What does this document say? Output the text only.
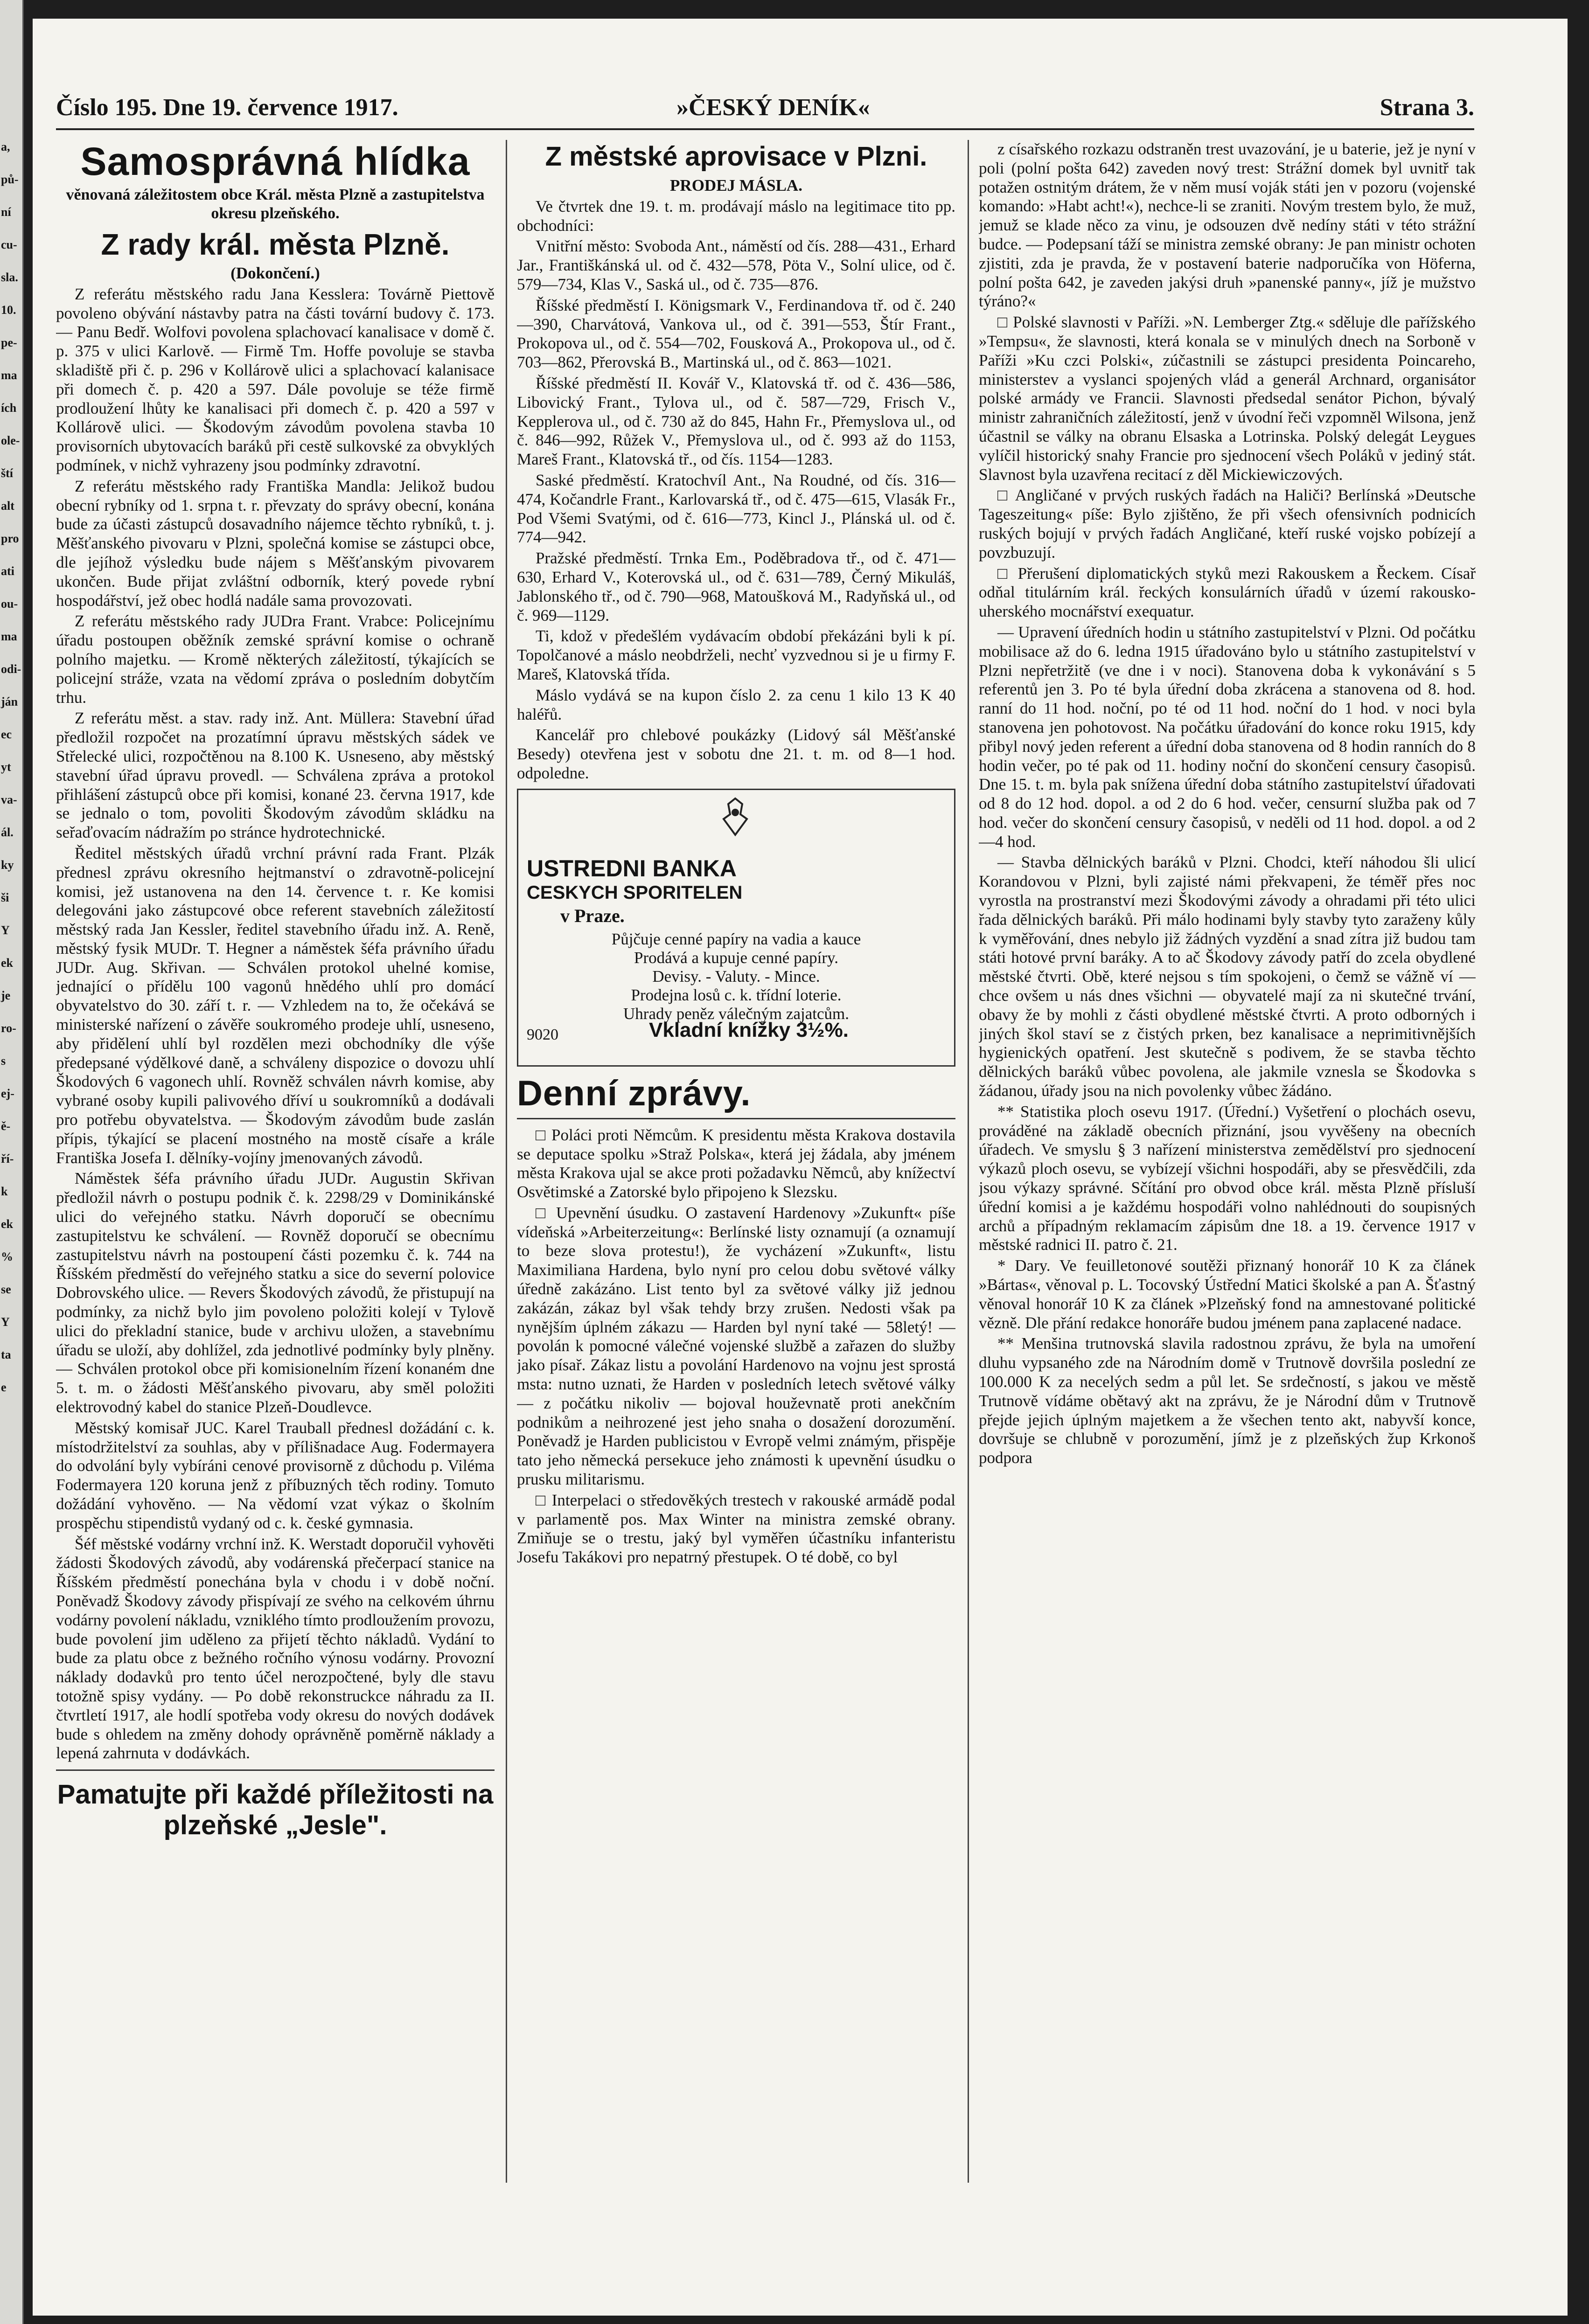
a,

pů-

ní

cu-

sla.

10.

pe-

ma

ích

ole-

ští

alt

pro

ati

ou-

ma

odi-

ján

ec

yt

va-

ál.

ky

ši

Y

ek

je

ro-

s

ej-

ě-

ří-

k

ek

%

se

Y

ta

e

Číslo 195. Dne 19. července 1917.	»ČESKÝ DENÍK«	Strana 3.
Samosprávná hlídka
věnovaná záležitostem obce Král. města Plzně a zastupitelstva okresu plzeňského.
Z rady král. města Plzně.

(Dokončení.)

Z referátu městského radu Jana Kesslera: Továrně Piettově povoleno obývání nástavby patra na části tovární budovy č. 173. — Panu Bedř. Wolfovi povolena splachovací kanalisace v domě č. p. 375 v ulici Karlově. — Firmě Tm. Hoffe povoluje se stavba skladiště při č. p. 296 v Kollárově ulici a splachovací kalanisace při domech č. p. 420 a 597. Dále povoluje se téže firmě prodloužení lhůty ke kanalisaci při domech č. p. 420 a 597 v Kollárově ulici. — Škodovým závodům povolena stavba 10 provisorních ubytovacích baráků při cestě sulkovské za obvyklých podmínek, v nichž vyhrazeny jsou podmínky zdravotní.

Z referátu městského rady Františka Mandla: Jelikož budou obecní rybníky od 1. srpna t. r. převzaty do správy obecní, konána bude za účasti zástupců dosavadního nájemce těchto rybníků, t. j. Měšťanského pivovaru v Plzni, společná komise se zástupci obce, dle jejíhož výsledku bude nájem s Měšťanským pivovarem ukončen. Bude přijat zvláštní odborník, který povede rybní hospodářství, jež obec hodlá nadále sama provozovati.

Z referátu městského rady JUDra Frant. Vrabce: Policejnímu úřadu postoupen oběžník zemské správní komise o ochraně polního majetku. — Kromě některých záležitostí, týkajících se policejní stráže, vzata na vědomí zpráva o posledním dobytčím trhu.

Z referátu měst. a stav. rady inž. Ant. Müllera: Stavební úřad předložil rozpočet na prozatímní úpravu městských sádek ve Střelecké ulici, rozpočtěnou na 8.100 K. Usneseno, aby městský stavební úřad úpravu provedl. — Schválena zpráva a protokol přihlášení zástupců obce při komisi, konané 23. června 1917, kde se jednalo o tom, povoliti Škodovým závodům skládku na seřaďovacím nádražím po stránce hydrotechnické.

Ředitel městských úřadů vrchní právní rada Frant. Plzák přednesl zprávu okresního hejtmanství o zdravotně-policejní komisi, jež ustanovena na den 14. července t. r. Ke komisi delegováni jako zástupcové obce referent stavebních záležitostí městský rada Jan Kessler, ředitel stavebního úřadu inž. A. Reně, městský fysik MUDr. T. Hegner a náměstek šéfa právního úřadu JUDr. Aug. Skřivan. — Schválen protokol uhelné komise, jednající o přídělu 100 vagonů hnědého uhlí pro domácí obyvatelstvo do 30. září t. r. — Vzhledem na to, že očekává se ministerské nařízení o závěře soukromého prodeje uhlí, usneseno, aby přidělení uhlí byl rozdělen mezi obchodníky dle výše předepsané výdělkové daně, a schváleny dispozice o dovozu uhlí Škodových 6 vagonech uhlí. Rovněž schválen návrh komise, aby vybrané osoby kupili palivového dříví u soukromníků a dodávali pro potřebu obyvatelstva. — Škodovým závodům bude zaslán přípis, týkající se placení mostného na mostě císaře a krále Františka Josefa I. dělníky-vojíny jmenovaných závodů.

Náměstek šéfa právního úřadu JUDr. Augustin Skřivan předložil návrh o postupu podnik č. k. 2298/29 v Dominikánské ulici do veřejného statku. Návrh doporučí se obecnímu zastupitelstvu ke schválení. — Rovněž doporučí se obecnímu zastupitelstvu návrh na postoupení části pozemku č. k. 744 na Říšském předměstí do veřejného statku a sice do severní polovice Dobrovského ulice. — Revers Škodových závodů, že přistupují na podmínky, za nichž bylo jim povoleno položiti kolejí v Tylově ulici do překladní stanice, bude v archivu uložen, a stavebnímu úřadu se uloží, aby dohlížel, zda jednotlivé podmínky byly plněny. — Schválen protokol obce při komisionelním řízení konaném dne 5. t. m. o žádosti Měšťanského pivovaru, aby směl položiti elektrovodný kabel do stanice Plzeň-Doudlevce.

Městský komisař JUC. Karel Trauball přednesl dožádání c. k. místodržitelství za souhlas, aby v přílišnadace Aug. Fodermayera do odvolání byly vybíráni cenové provisorně z důchodu p. Viléma Fodermayera 120 koruna jenž z příbuzných těch rodiny. Tomuto dožádání vyhověno. — Na vědomí vzat výkaz o školním prospěchu stipendistů vydaný od c. k. české gymnasia.

Šéf městské vodárny vrchní inž. K. Werstadt doporučil vyhověti žádosti Škodových závodů, aby vodárenská přečerpací stanice na Říšském předměstí ponechána byla v chodu i v době noční. Poněvadž Škodovy závody přispívají ze svého na celkovém úhrnu vodárny povolení nákladu, vzniklého tímto prodloužením provozu, bude povolení jim uděleno za přijetí těchto nákladů. Vydání to bude za platu obce z bežného ročního výnosu vodárny. Provozní náklady dodavků pro tento účel nerozpočtené, byly dle stavu totožně spisy vydány. — Po době rekonstruckce náhradu za II. čtvrtletí 1917, ale hodlí spotřeba vody okresu do nových dodávek bude s ohledem na změny dohody oprávněně poměrně náklady a lepená zahrnuta v dodávkách.

Pamatujte při každé příležitosti na plzeňské „Jesle".
Z městské aprovisace v Plzni.

PRODEJ MÁSLA.

Ve čtvrtek dne 19. t. m. prodávají máslo na legitimace tito pp. obchodníci:

Vnitřní město: Svoboda Ant., náměstí od čís. 288—431., Erhard Jar., Františkánská ul. od č. 432—578, Pöta V., Solní ulice, od č. 579—734, Klas V., Saská ul., od č. 735—876.

Říšské předměstí I. Königsmark V., Ferdinandova tř. od č. 240—390, Charvátová, Vankova ul., od č. 391—553, Štír Frant., Prokopova ul., od č. 554—702, Fousková A., Prokopova ul., od č. 703—862, Přerovská B., Martinská ul., od č. 863—1021.

Říšské předměstí II. Kovář V., Klatovská tř. od č. 436—586, Libovický Frant., Tylova ul., od č. 587—729, Frisch V., Kepplerova ul., od č. 730 až do 845, Hahn Fr., Přemyslova ul., od č. 846—992, Růžek V., Přemyslova ul., od č. 993 až do 1153, Mareš Frant., Klatovská tř., od čís. 1154—1283.

Saské předměstí. Kratochvíl Ant., Na Roudné, od čís. 316—474, Kočandrle Frant., Karlovarská tř., od č. 475—615, Vlasák Fr., Pod Všemi Svatými, od č. 616—773, Kincl J., Plánská ul. od č. 774—942.

Pražské předměstí. Trnka Em., Poděbradova tř., od č. 471—630, Erhard V., Koterovská ul., od č. 631—789, Černý Mikuláš, Jablonského tř., od č. 790—968, Matoušková M., Radyňská ul., od č. 969—1129.

Ti, kdož v předešlém vydávacím období překázáni byli k pí. Topolčanové a máslo neobdrželi, nechť vyzvednou si je u firmy F. Mareš, Klatovská třída.

Máslo vydává se na kupon číslo 2. za cenu 1 kilo 13 K 40 haléřů.

Kancelář pro chlebové poukázky (Lidový sál Měšťanské Besedy) otevřena jest v sobotu dne 21. t. m. od 8—1 hod. odpoledne.

USTREDNI BANKA
CESKYCH SPORITELEN
v Praze.
Půjčuje cenné papíry na vadia a kauce
Prodává a kupuje cenné papíry.
Devisy. - Valuty. - Mince.
Prodejna losů c. k. třídní loterie.
Uhrady peněz válečným zajatcům.
9020	Vkladní knížky 3½%.
Denní zprávy.

□ Poláci proti Němcům. K presidentu města Krakova dostavila se deputace spolku »Straž Polska«, která jej žádala, aby jménem města Krakova ujal se akce proti požadavku Němců, aby knížectví Osvětimské a Zatorské bylo připojeno k Slezsku.

□ Upevnění úsudku. O zastavení Hardenovy »Zukunft« píše vídeňská »Arbeiterzeitung«: Berlínské listy oznamují (a oznamují to beze slova protestu!), že vycházení »Zukunft«, listu Maximiliana Hardena, bylo nyní pro celou dobu světové války úředně zakázáno. List tento byl za světové války již jednou zakázán, zákaz byl však tehdy brzy zrušen. Nedosti však pa nynějším úplném zákazu — Harden byl nyní také — 58letý! — povolán k pomocné válečné vojenské službě a zařazen do služby jako písař. Zákaz listu a povolání Hardenovo na vojnu jest sprostá msta: nutno uznati, že Harden v posledních letech světové války — z počátku nikoliv — bojoval houževnatě proti anekčním podnikům a neihrozené jest jeho snaha o dosažení dorozumění. Poněvadž je Harden publicistou v Evropě velmi známým, přispěje tato jeho německá persekuce jeho známosti k upevnění úsudku o prusku militarismu.

□ Interpelaci o středověkých trestech v rakouské armádě podal v parlamentě pos. Max Winter na ministra zemské obrany. Zmiňuje se o trestu, jaký byl vyměřen účastníku infanteristu Josefu Takákovi pro nepatrný přestupek. O té době, co byl

z císařského rozkazu odstraněn trest uvazování, je u baterie, jež je nyní v poli (polní pošta 642) zaveden nový trest: Strážní domek byl uvnitř tak potažen ostnitým drátem, že v něm musí voják státi jen v pozoru (vojenské komando: »Habt acht!«), nechce-li se zraniti. Novým trestem bylo, že muž, jemuž se klade něco za vinu, je odsouzen dvě nedíny státi v této strážní budce. — Podepsaní táží se ministra zemské obrany: Je pan ministr ochoten zjistiti, zda je pravda, že v postavení baterie nadporučíka von Höferna, polní pošta 642, je zaveden jakýsi druh »panenské panny«, jíž je mužstvo týráno?«

□ Polské slavnosti v Paříži. »N. Lemberger Ztg.« sděluje dle pařížského »Tempsu«, že slavnosti, která konala se v minulých dnech na Sorboně v Paříži »Ku czci Polski«, zúčastnili se zástupci presidenta Poincareho, ministerstev a vyslanci spojených vlád a generál Archnard, organisátor polské armády ve Francii. Slavnosti předsedal senátor Pichon, bývalý ministr zahraničních záležitostí, jenž v úvodní řeči vzpomněl Wilsona, jenž účastnil se války na obranu Elsaska a Lotrinska. Polský delegát Leygues vylíčil historický snahy Francie pro sjednocení všech Poláků v jediný stát. Slavnost byla uzavřena recitací z děl Mickiewiczových.

□ Angličané v prvých ruských řadách na Haliči? Berlínská »Deutsche Tageszeitung« píše: Bylo zjištěno, že při všech ofensivních podnicích ruských bojují v prvých řadách Angličané, kteří ruské vojsko pobízejí a povzbuzují.

□ Přerušení diplomatických styků mezi Rakouskem a Řeckem. Císař odňal titulárním král. řeckých konsulárních úřadů v území rakousko-uherského mocnářství exequatur.

— Upravení úředních hodin u státního zastupitelství v Plzni. Od počátku mobilisace až do 6. ledna 1915 úřadováno bylo u státního zastupitelství v Plzni nepřetržitě (ve dne i v noci). Stanovena doba k vykonávání s 5 referentů jen 3. Po té byla úřední doba zkrácena a stanovena od 8. hod. ranní do 11 hod. noční, po té od 11 hod. noční do 1 hod. v noci byla stanovena jen pohotovost. Na počátku úřadování do konce roku 1915, kdy přibyl nový jeden referent a úřední doba stanovena od 8 hodin ranních do 8 hodin večer, po té pak od 11. hodiny noční do skončení censury časopisů. Dne 15. t. m. byla pak snížena úřední doba státního zastupitelství úřadovati od 8 do 12 hod. dopol. a od 2 do 6 hod. večer, censurní služba pak od 7 hod. večer do skončení censury časopisů, v neděli od 11 hod. dopol. a od 2—4 hod.

— Stavba dělnických baráků v Plzni. Chodci, kteří náhodou šli ulicí Korandovou v Plzni, byli zajisté námi překvapeni, že téměř přes noc vyrostla na prostranství mezi Škodovými závody a ohradami při této ulici řada dělnických baráků. Při málo hodinami byly stavby tyto zaraženy kůly k vyměřování, dnes nebylo již žádných vyzdění a snad zítra již budou tam státi hotové první baráky. A to ač Škodovy závody patří do zcela obydlené městské čtvrti. Obě, které nejsou s tím spokojeni, o čemž se vážně ví — chce ovšem u nás dnes všichni — obyvatelé mají za ni skutečné trvání, obavy že by mohli z části obydlené městské čtvrti. A proto odborných i jiných škol staví se z čistých prken, bez kanalisace a neprimitivnějších hygienických opatření. Jest skutečně s podivem, že se stavba těchto dělnických baráků vůbec povolena, ale jakmile vznesla se Škodovka s žádanou, úřady jsou na nich povolenky vůbec žádáno.

** Statistika ploch osevu 1917. (Úřední.) Vyšetření o plochách osevu, prováděné na základě obecních přiznání, jsou vyvěšeny na obecních úřadech. Ve smyslu § 3 nařízení ministerstva zemědělství pro sjednocení výkazů ploch osevu, se vybízejí všichni hospodáři, aby se přesvědčili, zda jsou výkazy správné. Sčítání pro obvod obce král. města Plzně přísluší úřední komisi a je každému hospodáři volno nahlédnouti do soupisných archů a případným reklamacím zápisům dne 18. a 19. července 1917 v městské radnici II. patro č. 21.

* Dary. Ve feuilletonové soutěži přiznaný honorář 10 K za článek »Bártas«, věnoval p. L. Tocovský Ústřední Matici školské a pan A. Šťastný věnoval honorář 10 K za článek »Plzeňský fond na amnestované politické vězně. Dle přání redakce honoráře budou jménem pana zaplacené nadace.

** Menšina trutnovská slavila radostnou zprávu, že byla na umoření dluhu vypsaného zde na Národním domě v Trutnově dovršila poslední ze 100.000 K za necelých sedm a půl let. Se srdečností, s jakou ve městě Trutnově vídáme obětavý akt na zprávu, že je Národní dům v Trutnově přejde jejich úplným majetkem a že všechen tento akt, nabyvší konce, dovršuje se chlubně v porozumění, jímž je z plzeňských žup Krkonoš podpora
